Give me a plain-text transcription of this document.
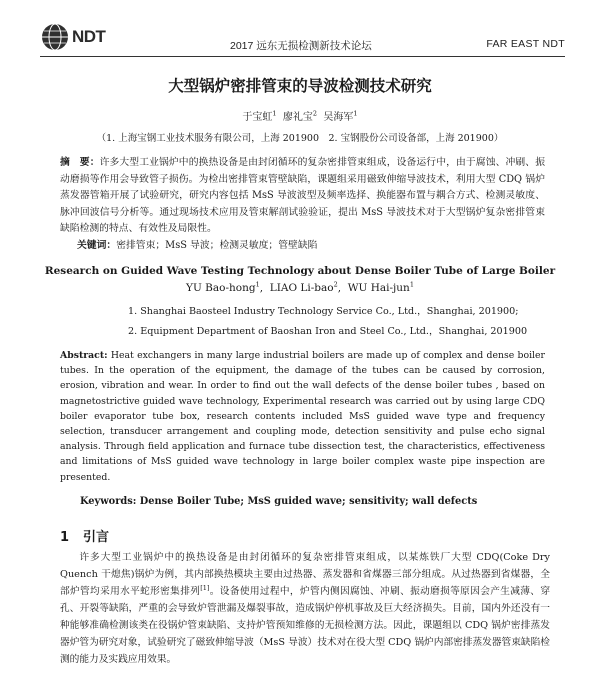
NDT	2017 远东无损检测新技术论坛	FAR EAST NDT
大型锅炉密排管束的导波检测技术研究
于宝虹$^1$ 廖礼宝$^2$ 吴海军$^1$
（1. 上海宝钢工业技术服务有限公司，上海 201900　2. 宝钢股份公司设备部，上海 201900）
摘　要：许多大型工业锅炉中的换热设备是由封闭循环的复杂密排管束组成，设备运行中，由于腐蚀、冲刷、振动磨损等作用会导致管子损伤。为检出密排管束管壁缺陷，课题组采用磁致伸缩导波技术，利用大型 CDQ 锅炉蒸发器管箱开展了试验研究，研究内容包括 MsS 导波波型及频率选择、换能器布置与耦合方式、检测灵敏度、脉冲回波信号分析等。通过现场技术应用及管束解剖试验验证，提出 MsS 导波技术对于大型锅炉复杂密排管束缺陷检测的特点、有效性及局限性。
关键词：密排管束；MsS 导波；检测灵敏度；管壁缺陷
Research on Guided Wave Testing Technology about Dense Boiler Tube of Large Boiler
YU Bao-hong$^1$,  LIAO Li-bao$^2$,  WU Hai-jun$^1$
1. Shanghai Baosteel Industry Technology Service Co., Ltd.，Shanghai, 201900;
2. Equipment Department of Baoshan Iron and Steel Co., Ltd.，Shanghai, 201900
Abstract: Heat exchangers in many large industrial boilers are made up of complex and dense boiler tubes. In the operation of the equipment, the damage of the tubes can be caused by corrosion, erosion, vibration and wear. In order to find out the wall defects of the dense boiler tubes , based on magnetostrictive guided wave technology, Experimental research was carried out by using large CDQ boiler evaporator tube box, research contents included MsS guided wave type and frequency selection, transducer arrangement and coupling mode, detection sensitivity and pulse echo signal analysis. Through field application and furnace tube dissection test, the characteristics, effectiveness and limitations of MsS guided wave technology in large boiler complex waste pipe inspection are presented.
Keywords: Dense Boiler Tube; MsS guided wave; sensitivity; wall defects
1 引言
许多大型工业锅炉中的换热设备是由封闭循环的复杂密排管束组成，以某炼铁厂大型 CDQ(Coke Dry Quench 干熄焦)锅炉为例，其内部换热模块主要由过热器、蒸发器和省煤器三部分组成。从过热器到省煤器，全部炉管均采用水平蛇形密集排列[1]。设备使用过程中，炉管内侧因腐蚀、冲刷、振动磨损等原因会产生减薄、穿孔、开裂等缺陷，严重的会导致炉管泄漏及爆裂事故，造成锅炉停机事故及巨大经济损失。目前，国内外还没有一种能够准确检测该类在役锅炉管束缺陷、支持炉管预知维修的无损检测方法。因此，课题组以 CDQ 锅炉密排蒸发器炉管为研究对象，试验研究了磁致伸缩导波（MsS 导波）技术对在役大型 CDQ 锅炉内部密排蒸发器管束缺陷检测的能力及实践应用效果。
